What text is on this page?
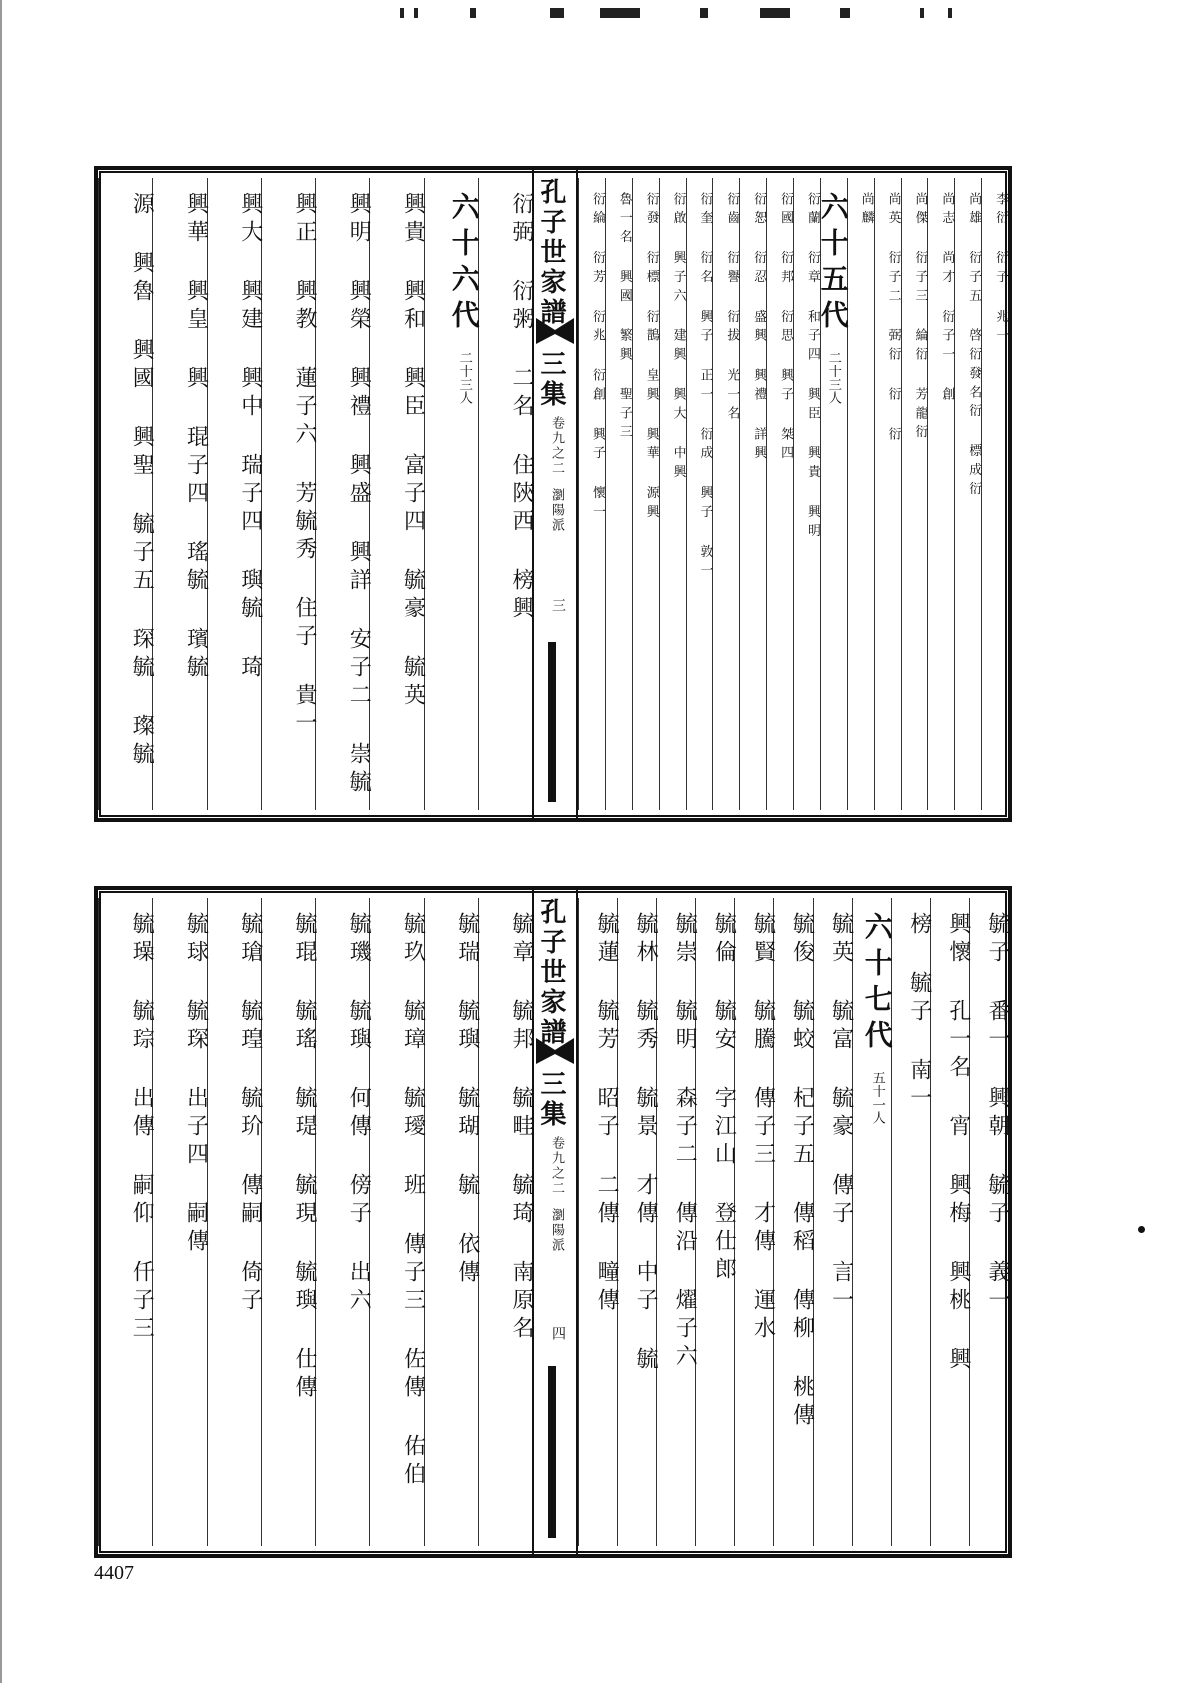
孔子世家譜
三集
卷九之二
瀏陽派
三
李衍 衍子 兆一
尚雄 衍子五 啓衍發名衍 標成衍
尚志 尚才 衍子一 創
尚傑 衍子三 綸衍 芳龍衍
尚英 衍子二 弼衍 衍 衍
尚麟
六十五代 二十三人
衍蘭 衍章 和子四 興臣 興貴 興明
衍國 衍邦 衍思 興子 桀四
衍恕 衍忍 盛興 興禮 詳興
衍齒 衍譽 衍拔 光一名
衍奎 衍名 興子 正一 衍成 興子 敦一
衍啟 興子六 建興 興大 中興
衍發 衍標 衍鵲 皇興 興華 源興
魯一名 興國 繁興 聖子三
衍綸 衍芳 衍兆 衍創 興子 懷一
衍弼 衍粥 二名 住陝西 榜興
六十六代 二十三人
興貴 興和 興臣 富子四 毓豪 毓英
興明 興榮 興禮 興盛 興詳 安子二 崇毓
興正 興教 蓮子六 芳毓秀 住子 貴一
興大 興建 興中 瑞子四 璵毓 琦
興華 興皇 興 琨子四 瑤毓 璸毓
源 興魯 興國 興聖 毓子五 琛毓 璨毓
孔子世家譜
三集
卷九之二
瀏陽派
四
毓子 番一 興朝 毓子 義一
興懷 孔一名 宵 興梅 興桃 興
榜 毓子 南一
六十七代 五十一人
毓英 毓富 毓豪 傳子 言一
毓俊 毓蛟 杞子五 傳稻 傳柳 桃傳
毓賢 毓騰 傳子三 才傳 運水
毓倫 毓安 字江山 登仕郎
毓崇 毓明 森子二 傳沿 燿子六
毓林 毓秀 毓景 才傳 中子 毓
毓蓮 毓芳 昭子 二傳 疃傳
毓章 毓邦 毓畦 毓琦 南原名
毓瑞 毓璵 毓瑚 毓 依傳
毓玖 毓璋 毓璦 班 傳子三 佐傳 佑伯
毓璣 毓璵 何傳 傍子 出六
毓琨 毓瑤 毓瑅 毓現 毓璵 仕傳
毓瑲 毓瑝 毓玠 傳嗣 倚子
毓球 毓琛 出子四 嗣傳
毓璪 毓琮 出傳 嗣仰 仟子三
4407
